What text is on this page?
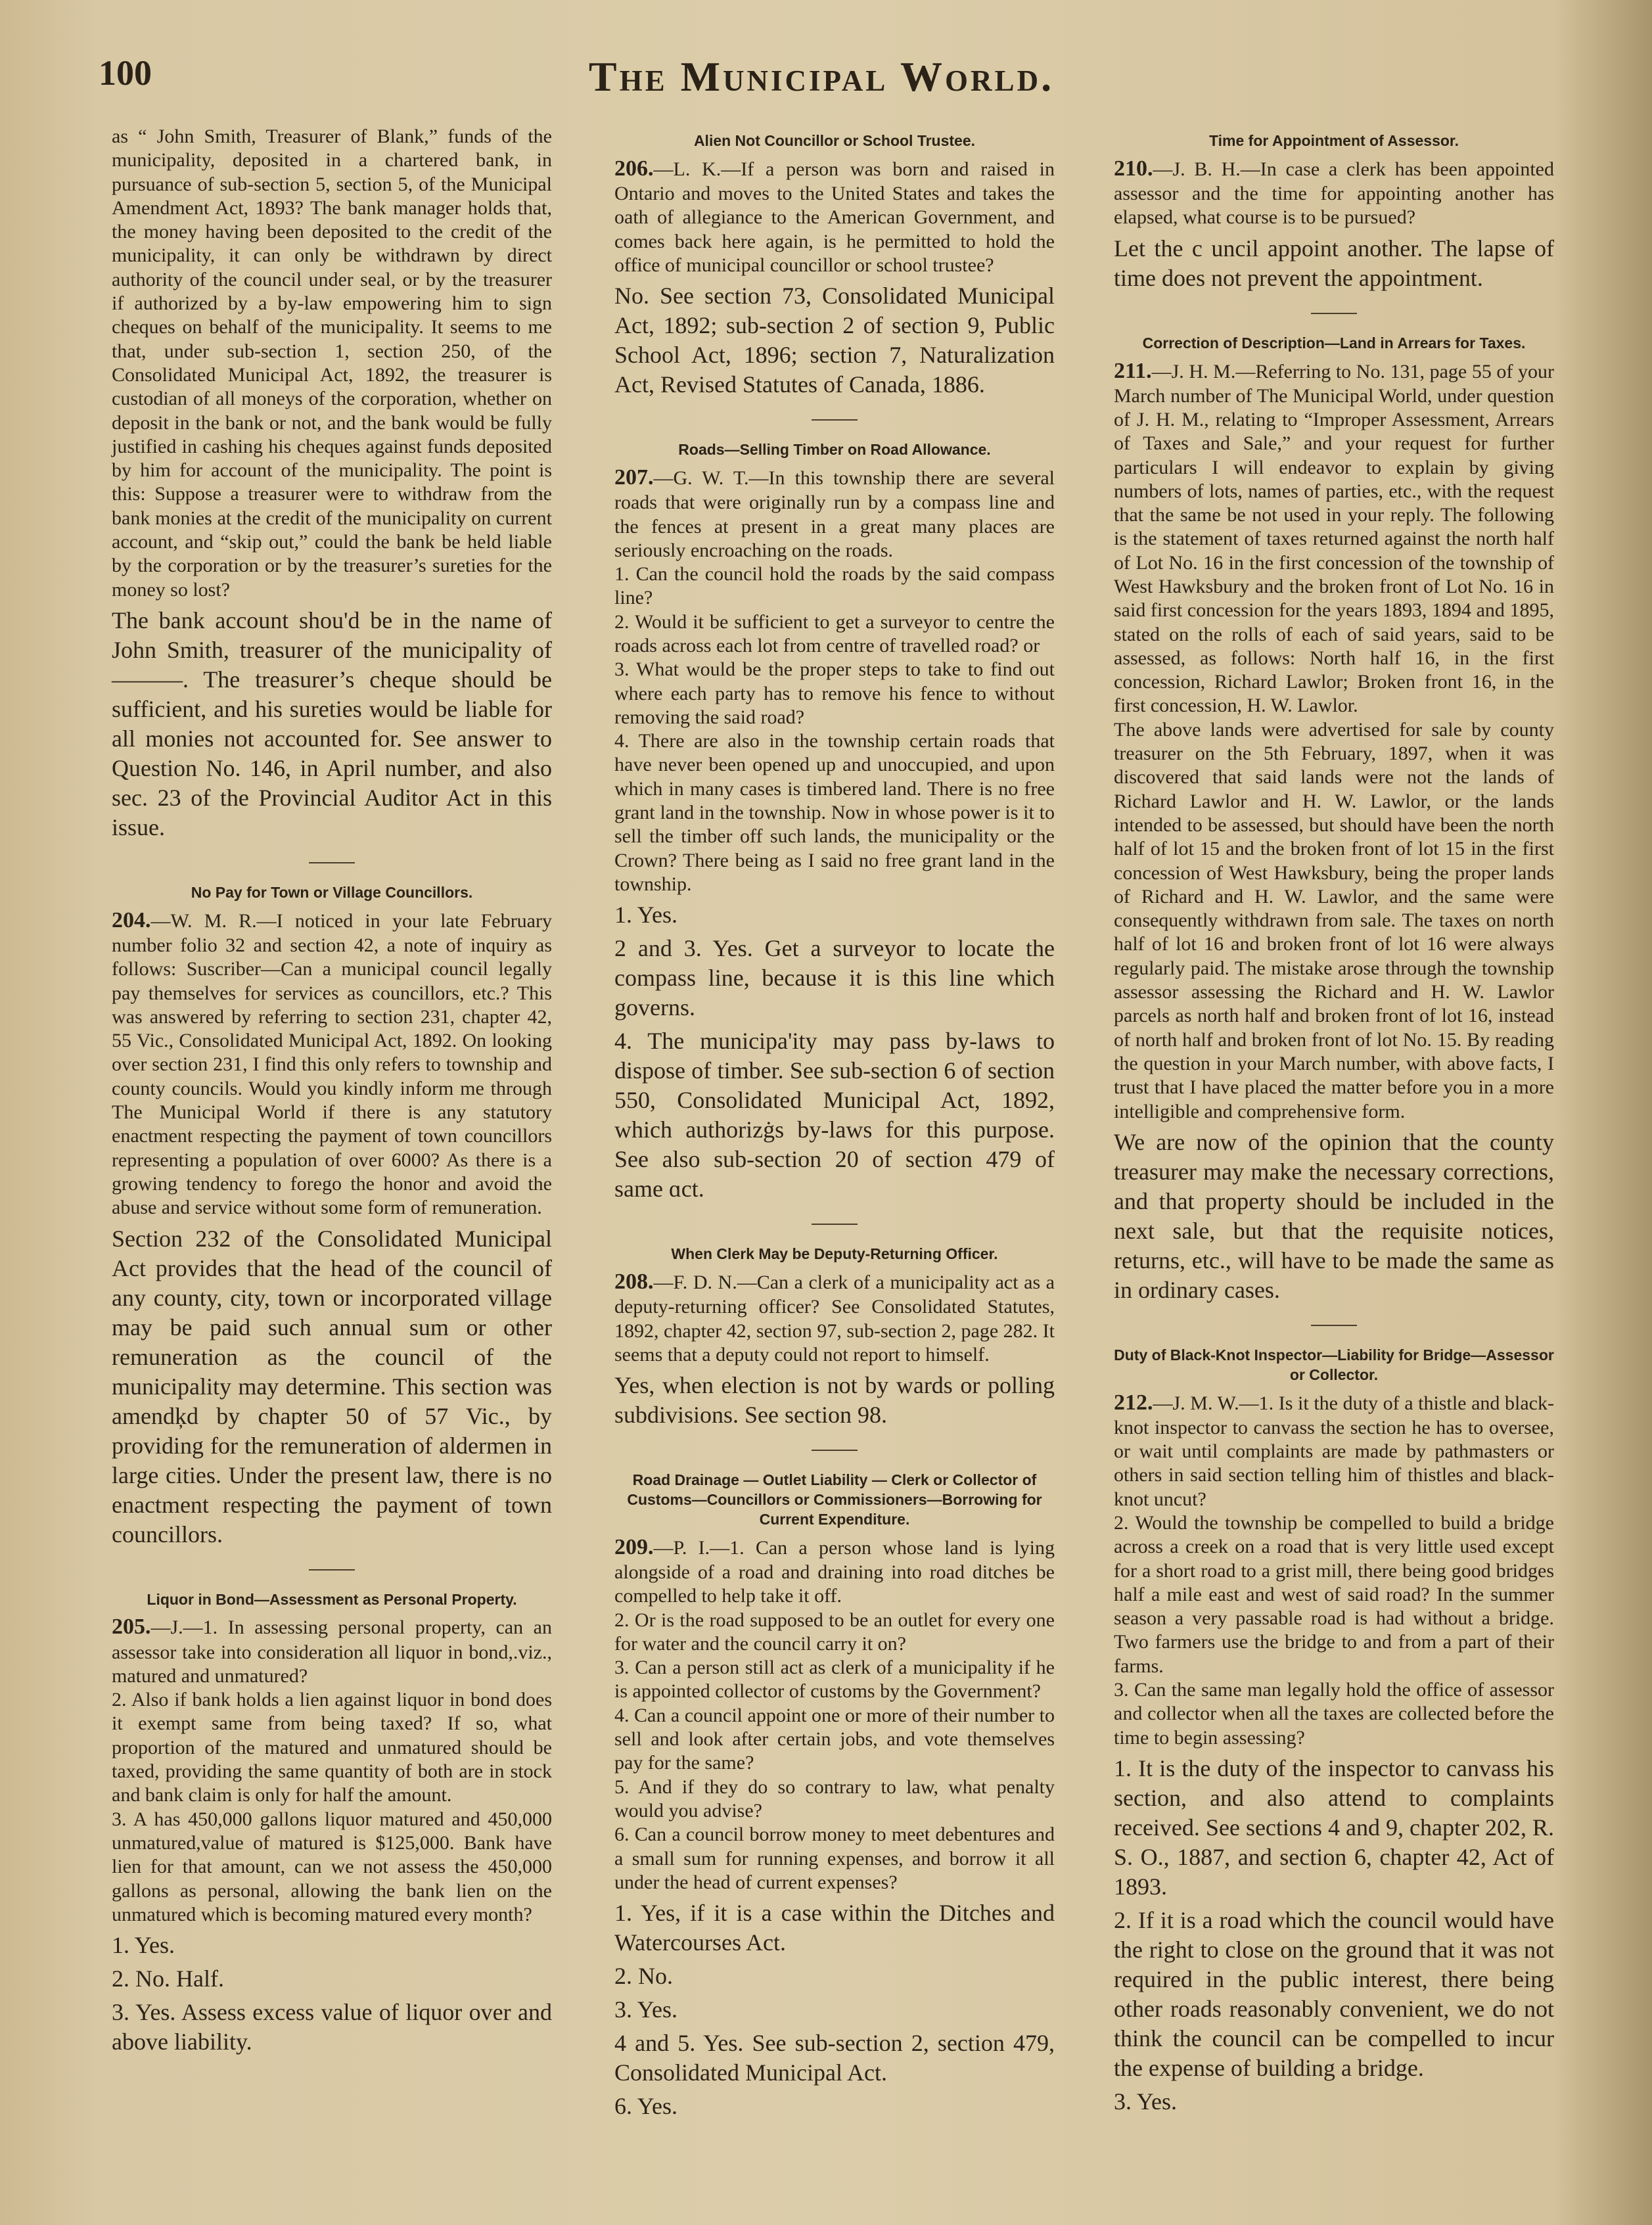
100	The Municipal World.

as “ John Smith, Treasurer of Blank,” funds of the municipality, deposited in a chartered bank, in pursuance of sub-section 5, section 5, of the Municipal Amendment Act, 1893? The bank manager holds that, the money having been deposited to the credit of the municipality, it can only be withdrawn by direct authority of the council under seal, or by the treasurer if authorized by a by-law empowering him to sign cheques on behalf of the municipality. It seems to me that, under sub-section 1, section 250, of the Consolidated Municipal Act, 1892, the treasurer is custodian of all moneys of the corporation, whether on deposit in the bank or not, and the bank would be fully justified in cashing his cheques against funds deposited by him for account of the municipality. The point is this: Suppose a treasurer were to withdraw from the bank monies at the credit of the municipality on current account, and “skip out,” could the bank be held liable by the corporation or by the treasurer’s sureties for the money so lost?

The bank account shou'd be in the name of John Smith, treasurer of the municipality of———. The treasurer’s cheque should be sufficient, and his sureties would be liable for all monies not accounted for. See answer to Question No. 146, in April number, and also sec. 23 of the Provincial Auditor Act in this issue.

No Pay for Town or Village Councillors.

204.—W. M. R.—I noticed in your late February number folio 32 and section 42, a note of inquiry as follows: Suscriber—Can a municipal council legally pay themselves for services as councillors, etc.? This was answered by referring to section 231, chapter 42, 55 Vic., Consolidated Municipal Act, 1892. On looking over section 231, I find this only refers to township and county councils. Would you kindly inform me through The Municipal World if there is any statutory enactment respecting the payment of town councillors representing a population of over 6000? As there is a growing tendency to forego the honor and avoid the abuse and service without some form of remuneration.

Section 232 of the Consolidated Municipal Act provides that the head of the council of any county, city, town or incorporated village may be paid such annual sum or other remuneration as the council of the municipality may determine. This section was amendķd by chapter 50 of 57 Vic., by providing for the remuneration of aldermen in large cities. Under the present law, there is no enactment respecting the payment of town councillors.

Liquor in Bond—Assessment as Personal Property.

205.—J.—1. In assessing personal property, can an assessor take into consideration all liquor in bond,.viz., matured and unmatured?

2. Also if bank holds a lien against liquor in bond does it exempt same from being taxed? If so, what proportion of the matured and unmatured should be taxed, providing the same quantity of both are in stock and bank claim is only for half the amount.

3. A has 450,000 gallons liquor matured and 450,000 unmatured,value of matured is $125,000. Bank have lien for that amount, can we not assess the 450,000 gallons as personal, allowing the bank lien on the unmatured which is becoming matured every month?

1. Yes.

2. No. Half.

3. Yes. Assess excess value of liquor over and above liability.

Alien Not Councillor or School Trustee.

206.—L. K.—If a person was born and raised in Ontario and moves to the United States and takes the oath of allegiance to the American Government, and comes back here again, is he permitted to hold the office of municipal councillor or school trustee?

No. See section 73, Consolidated Municipal Act, 1892; sub-section 2 of section 9, Public School Act, 1896; section 7, Naturalization Act, Revised Statutes of Canada, 1886.

Roads—Selling Timber on Road Allowance.

207.—G. W. T.—In this township there are several roads that were originally run by a compass line and the fences at present in a great many places are seriously encroaching on the roads.

1. Can the council hold the roads by the said compass line?

2. Would it be sufficient to get a surveyor to centre the roads across each lot from centre of travelled road? or

3. What would be the proper steps to take to find out where each party has to remove his fence to without removing the said road?

4. There are also in the township certain roads that have never been opened up and unoccupied, and upon which in many cases is timbered land. There is no free grant land in the township. Now in whose power is it to sell the timber off such lands, the municipality or the Crown? There being as I said no free grant land in the township.

1. Yes.

2 and 3. Yes. Get a surveyor to locate the compass line, because it is this line which governs.

4. The municipa'ity may pass by-laws to dispose of timber. See sub-section 6 of section 550, Consolidated Municipal Act, 1892, which authorizġs by-laws for this purpose. See also sub-section 20 of section 479 of same ɑct.

When Clerk May be Deputy-Returning Officer.

208.—F. D. N.—Can a clerk of a municipality act as a deputy-returning officer? See Consolidated Statutes, 1892, chapter 42, section 97, sub-section 2, page 282. It seems that a deputy could not report to himself.

Yes, when election is not by wards or polling subdivisions. See section 98.

Road Drainage — Outlet Liability — Clerk or Collector of Customs—Councillors or Commissioners—Borrowing for Current Expenditure.

209.—P. I.—1. Can a person whose land is lying alongside of a road and draining into road ditches be compelled to help take it off.

2. Or is the road supposed to be an outlet for every one for water and the council carry it on?

3. Can a person still act as clerk of a municipality if he is appointed collector of customs by the Government?

4. Can a council appoint one or more of their number to sell and look after certain jobs, and vote themselves pay for the same?

5. And if they do so contrary to law, what penalty would you advise?

6. Can a council borrow money to meet debentures and a small sum for running expenses, and borrow it all under the head of current expenses?

1. Yes, if it is a case within the Ditches and Watercourses Act.

2. No.

3. Yes.

4 and 5. Yes. See sub-section 2, section 479, Consolidated Municipal Act.

6. Yes.

Time for Appointment of Assessor.

210.—J. B. H.—In case a clerk has been appointed assessor and the time for appointing another has elapsed, what course is to be pursued?

Let the c uncil appoint another. The lapse of time does not prevent the appointment.

Correction of Description—Land in Arrears for Taxes.

211.—J. H. M.—Referring to No. 131, page 55 of your March number of The Municipal World, under question of J. H. M., relating to “Improper Assessment, Arrears of Taxes and Sale,” and your request for further particulars I will endeavor to explain by giving numbers of lots, names of parties, etc., with the request that the same be not used in your reply. The following is the statement of taxes returned against the north half of Lot No. 16 in the first concession of the township of West Hawksbury and the broken front of Lot No. 16 in said first concession for the years 1893, 1894 and 1895, stated on the rolls of each of said years, said to be assessed, as follows: North half 16, in the first concession, Richard Lawlor; Broken front 16, in the first concession, H. W. Lawlor.

The above lands were advertised for sale by county treasurer on the 5th February, 1897, when it was discovered that said lands were not the lands of Richard Lawlor and H. W. Lawlor, or the lands intended to be assessed, but should have been the north half of lot 15 and the broken front of lot 15 in the first concession of West Hawksbury, being the proper lands of Richard and H. W. Lawlor, and the same were consequently withdrawn from sale. The taxes on north half of lot 16 and broken front of lot 16 were always regularly paid. The mistake arose through the township assessor assessing the Richard and H. W. Lawlor parcels as north half and broken front of lot 16, instead of north half and broken front of lot No. 15. By reading the question in your March number, with above facts, I trust that I have placed the matter before you in a more intelligible and comprehensive form.

We are now of the opinion that the county treasurer may make the necessary corrections, and that property should be included in the next sale, but that the requisite notices, returns, etc., will have to be made the same as in ordinary cases.

Duty of Black-Knot Inspector—Liability for Bridge—Assessor or Collector.

212.—J. M. W.—1. Is it the duty of a thistle and black-knot inspector to canvass the section he has to oversee, or wait until complaints are made by pathmasters or others in said section telling him of thistles and black-knot uncut?

2. Would the township be compelled to build a bridge across a creek on a road that is very little used except for a short road to a grist mill, there being good bridges half a mile east and west of said road? In the summer season a very passable road is had without a bridge. Two farmers use the bridge to and from a part of their farms.

3. Can the same man legally hold the office of assessor and collector when all the taxes are collected before the time to begin assessing?

1. It is the duty of the inspector to canvass his section, and also attend to complaints received. See sections 4 and 9, chapter 202, R. S. O., 1887, and section 6, chapter 42, Act of 1893.

2. If it is a road which the council would have the right to close on the ground that it was not required in the public interest, there being other roads reasonably convenient, we do not think the council can be compelled to incur the expense of building a bridge.

3. Yes.
